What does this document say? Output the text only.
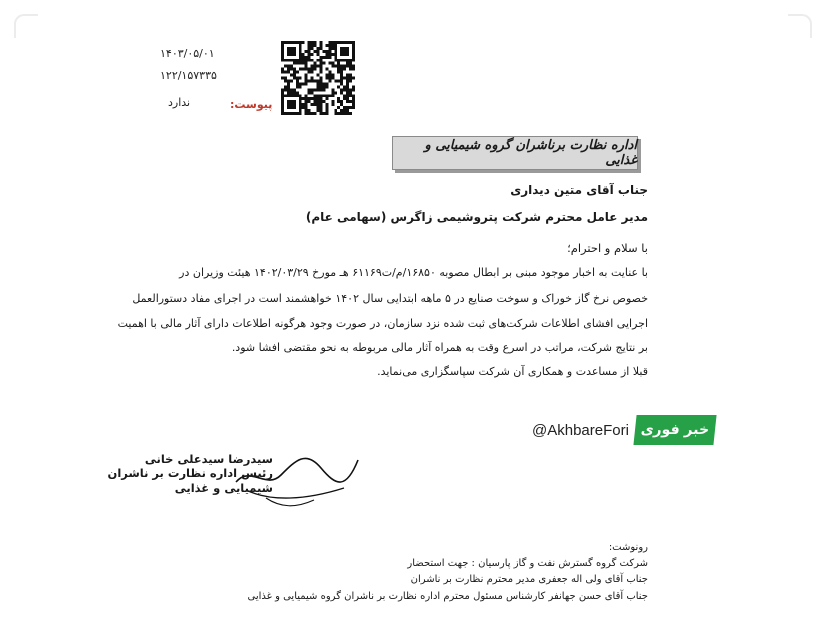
۱۴۰۳/۰۵/۰۱
۱۲۲/۱۵۷۳۳۵
ندارد	پیوست:
اداره نظارت برناشران گروه شیمیایی و غذایی
جناب آقای متین دیداری
مدیر عامل محترم شرکت پتروشیمی زاگرس (سهامی عام)
با سلام و احترام؛
با عنایت به اخبار موجود مبنی بر ابطال مصوبه ۱۶۸۵۰/م/ت۶۱۱۶۹ هـ مورخ ۱۴۰۲/۰۳/۲۹ هیئت وزیران در
خصوص نرخ گاز خوراک و سوخت صنایع در ۵ ماهه ابتدایی سال ۱۴۰۲ خواهشمند است در اجرای مفاد دستورالعمل
اجرایی افشای اطلاعات شرکت‌های ثبت شده نزد سازمان، در صورت وجود هرگونه اطلاعات دارای آثار مالی با اهمیت
بر نتایج شرکت، مراتب در اسرع وقت به همراه آثار مالی مربوطه به نحو مقتضی افشا شود.
قبلا از مساعدت و همکاری آن شرکت سپاسگزاری می‌نماید.
@AkhbareFori خبر فوری
سیدرضا سیدعلی خانی
رئیس اداره نظارت بر ناشران
شیمیایی و غذایی
رونوشت:
شرکت گروه گسترش نفت و گاز پارسیان : جهت استحضار
جناب آقای ولی اله جعفری مدیر محترم نظارت بر ناشران
جناب آقای حسن جهانفر کارشناس مسئول محترم اداره نظارت بر ناشران گروه شیمیایی و غذایی
